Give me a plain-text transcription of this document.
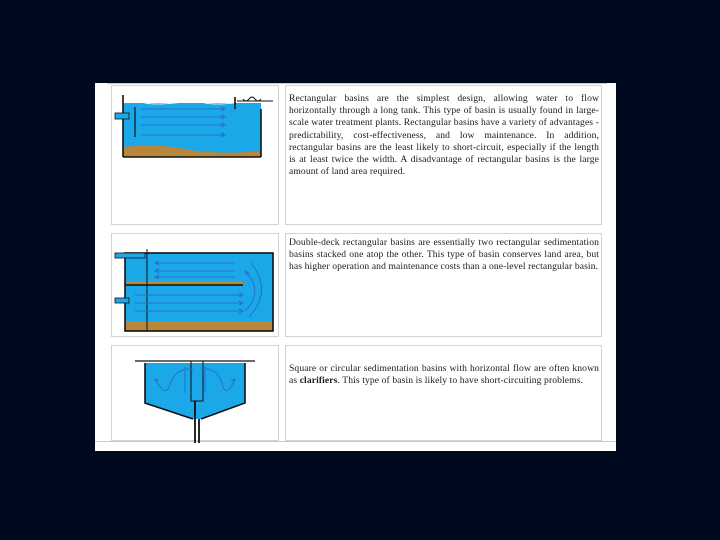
Rectangular basins are the simplest design, allowing water to flow horizontally through a long tank. This type of basin is usually found in large-scale water treatment plants. Rectangular basins have a variety of advantages - predictability, cost-effectiveness, and low maintenance. In addition, rectangular basins are the least likely to short-circuit, especially if the length is at least twice the width. A disadvantage of rectangular basins is the large amount of land area required.
Double-deck rectangular basins are essentially two rectangular sedimentation basins stacked one atop the other. This type of basin conserves land area, but has higher operation and maintenance costs than a one-level rectangular basin.
Square or circular sedimentation basins with horizontal flow are often known as clarifiers. This type of basin is likely to have short-circuiting problems.
